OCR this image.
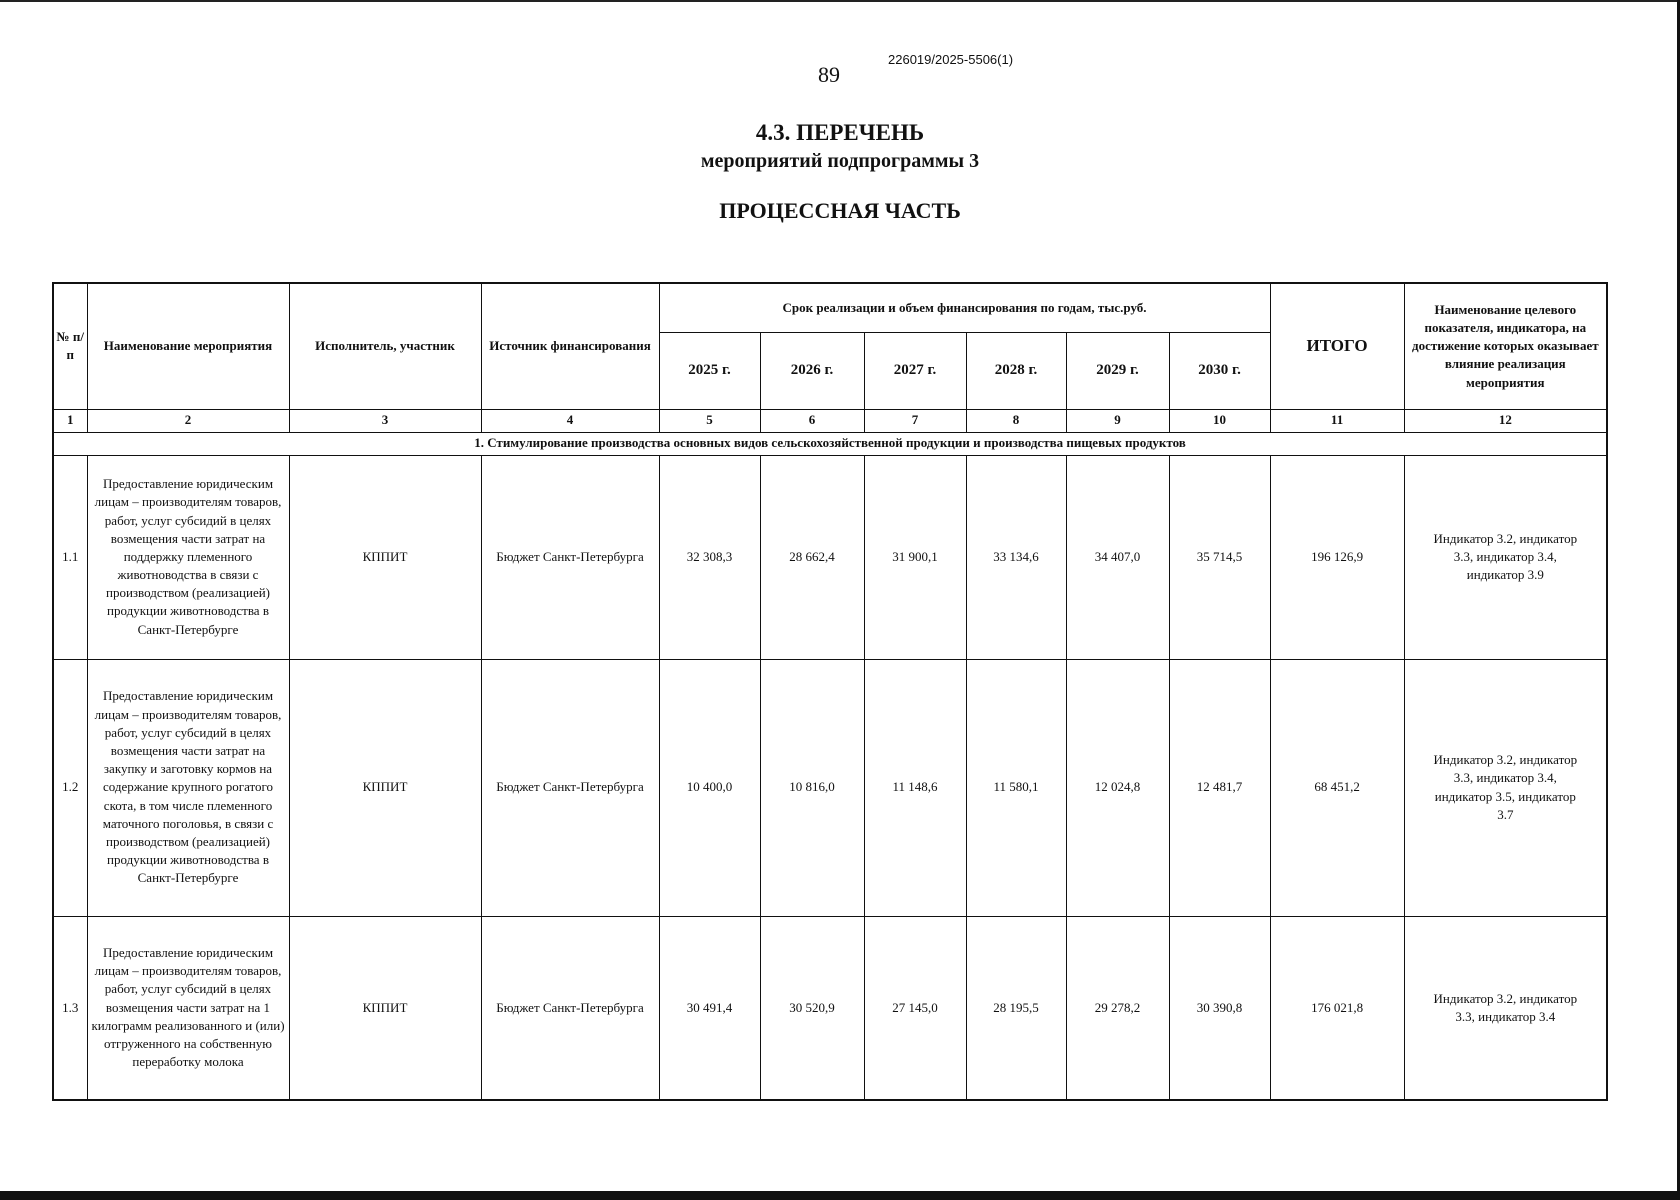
89
226019/2025-5506(1)
4.3. ПЕРЕЧЕНЬ
мероприятий подпрограммы 3
ПРОЦЕССНАЯ ЧАСТЬ
№ п/п	Наименование мероприятия	Исполнитель, участник	Источник финансирования	Срок реализации и объем финансирования по годам, тыс.руб.						ИТОГО	Наименование целевого показателя, индикатора, на достижение которых оказывает влияние реализация мероприятия
				2025 г.	2026 г.	2027 г.	2028 г.	2029 г.	2030 г.		
1	2	3	4	5	6	7	8	9	10	11	12
1. Стимулирование производства основных видов сельскохозяйственной продукции и производства пищевых продуктов											
1.1	Предоставление юридическим лицам – производителям товаров, работ, услуг субсидий в целях возмещения части затрат на поддержку племенного животноводства в связи с производством (реализацией) продукции животноводства в Санкт-Петербурге	КППИТ	Бюджет Санкт-Петербурга	32 308,3	28 662,4	31 900,1	33 134,6	34 407,0	35 714,5	196 126,9	Индикатор 3.2, индикатор 3.3, индикатор 3.4, индикатор 3.9
1.2	Предоставление юридическим лицам – производителям товаров, работ, услуг субсидий в целях возмещения части затрат на закупку и заготовку кормов на содержание крупного рогатого скота, в том числе племенного маточного поголовья, в связи с производством (реализацией) продукции животноводства в Санкт-Петербурге	КППИТ	Бюджет Санкт-Петербурга	10 400,0	10 816,0	11 148,6	11 580,1	12 024,8	12 481,7	68 451,2	Индикатор 3.2, индикатор 3.3, индикатор 3.4, индикатор 3.5, индикатор 3.7
1.3	Предоставление юридическим лицам – производителям товаров, работ, услуг субсидий в целях возмещения части затрат на 1 килограмм реализованного и (или) отгруженного на собственную переработку молока	КППИТ	Бюджет Санкт-Петербурга	30 491,4	30 520,9	27 145,0	28 195,5	29 278,2	30 390,8	176 021,8	Индикатор 3.2, индикатор 3.3, индикатор 3.4
